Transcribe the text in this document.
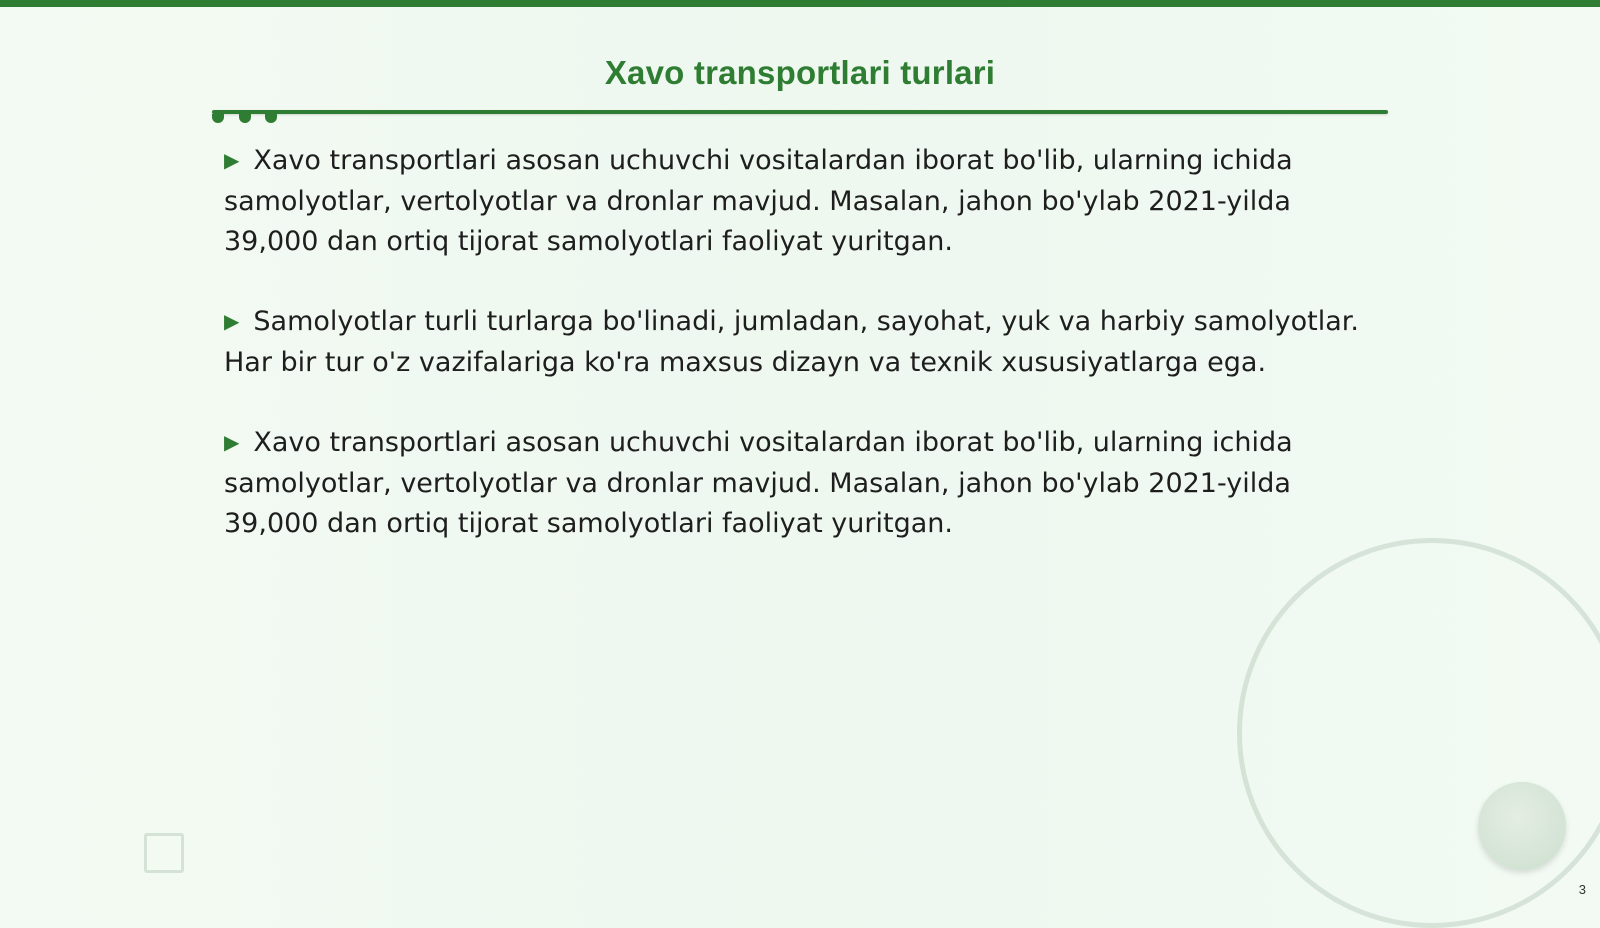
Xavo transportlari turlari
▶ Xavo transportlari asosan uchuvchi vositalardan iborat bo'lib, ularning ichida samolyotlar, vertolyotlar va dronlar mavjud. Masalan, jahon bo'ylab 2021-yilda 39,000 dan ortiq tijorat samolyotlari faoliyat yuritgan.
▶ Samolyotlar turli turlarga bo'linadi, jumladan, sayohat, yuk va harbiy samolyotlar. Har bir tur o'z vazifalariga ko'ra maxsus dizayn va texnik xususiyatlarga ega.
▶ Xavo transportlari asosan uchuvchi vositalardan iborat bo'lib, ularning ichida samolyotlar, vertolyotlar va dronlar mavjud. Masalan, jahon bo'ylab 2021-yilda 39,000 dan ortiq tijorat samolyotlari faoliyat yuritgan.
3
